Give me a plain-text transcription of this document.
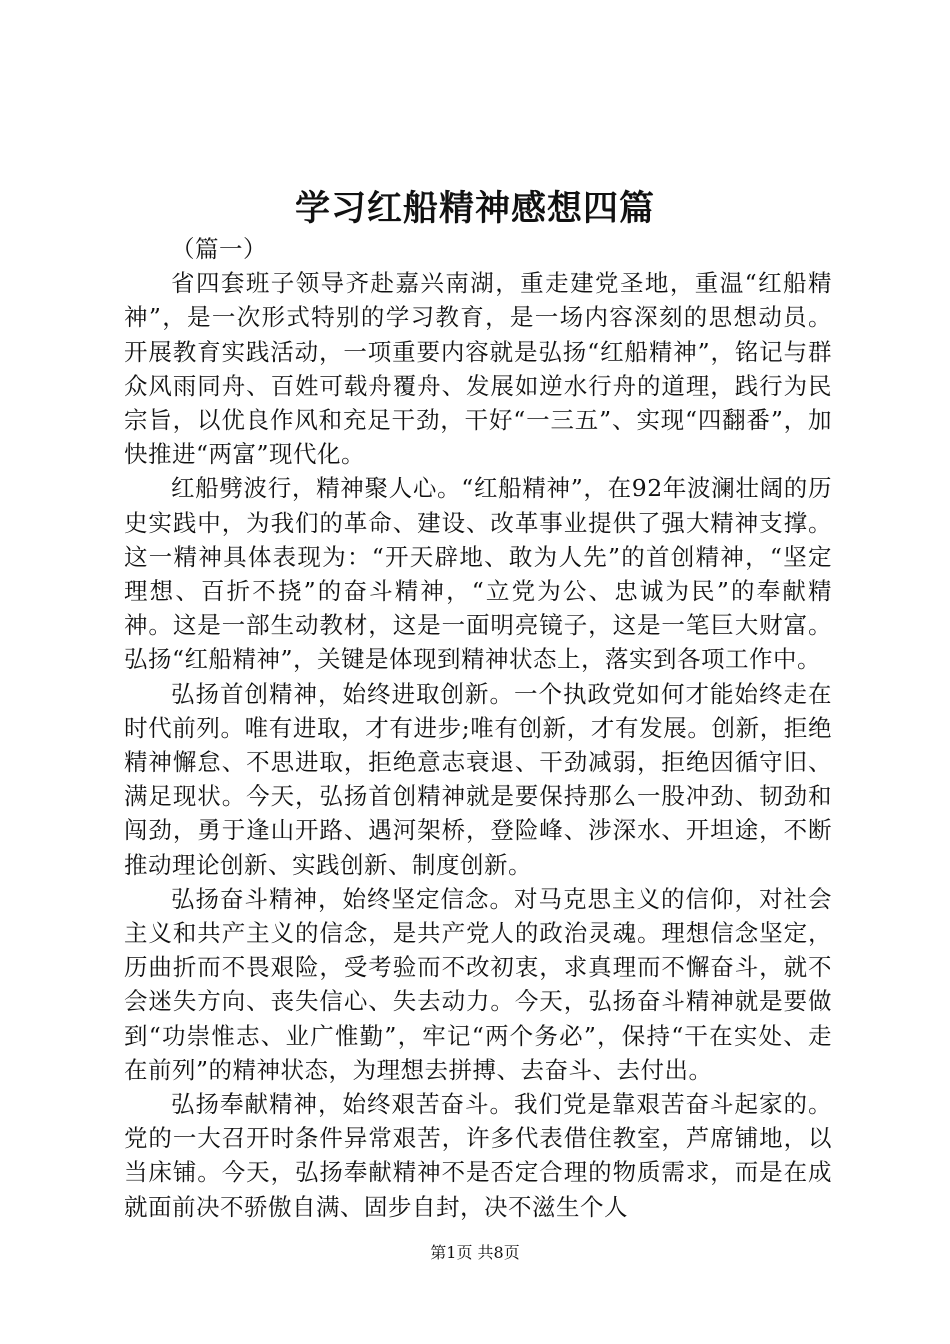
学习红船精神感想四篇

（篇一）

省四套班子领导齐赴嘉兴南湖，重走建党圣地，重温“红船精神”，是一次形式特别的学习教育，是一场内容深刻的思想动员。开展教育实践活动，一项重要内容就是弘扬“红船精神”，铭记与群众风雨同舟、百姓可载舟覆舟、发展如逆水行舟的道理，践行为民宗旨，以优良作风和充足干劲，干好“一三五”、实现“四翻番”，加快推进“两富”现代化。

红船劈波行，精神聚人心。“红船精神”，在92年波澜壮阔的历史实践中，为我们的革命、建设、改革事业提供了强大精神支撑。这一精神具体表现为：“开天辟地、敢为人先”的首创精神，“坚定理想、百折不挠”的奋斗精神，“立党为公、忠诚为民”的奉献精神。这是一部生动教材，这是一面明亮镜子，这是一笔巨大财富。弘扬“红船精神”，关键是体现到精神状态上，落实到各项工作中。

弘扬首创精神，始终进取创新。一个执政党如何才能始终走在时代前列。唯有进取，才有进步;唯有创新，才有发展。创新，拒绝精神懈怠、不思进取，拒绝意志衰退、干劲减弱，拒绝因循守旧、满足现状。今天，弘扬首创精神就是要保持那么一股冲劲、韧劲和闯劲，勇于逢山开路、遇河架桥，登险峰、涉深水、开坦途，不断推动理论创新、实践创新、制度创新。

弘扬奋斗精神，始终坚定信念。对马克思主义的信仰，对社会主义和共产主义的信念，是共产党人的政治灵魂。理想信念坚定，历曲折而不畏艰险，受考验而不改初衷，求真理而不懈奋斗，就不会迷失方向、丧失信心、失去动力。今天，弘扬奋斗精神就是要做到“功崇惟志、业广惟勤”，牢记“两个务必”，保持“干在实处、走在前列”的精神状态，为理想去拼搏、去奋斗、去付出。

弘扬奉献精神，始终艰苦奋斗。我们党是靠艰苦奋斗起家的。党的一大召开时条件异常艰苦，许多代表借住教室，芦席铺地，以当床铺。今天，弘扬奉献精神不是否定合理的物质需求，而是在成就面前决不骄傲自满、固步自封，决不滋生个人

第1页 共8页
